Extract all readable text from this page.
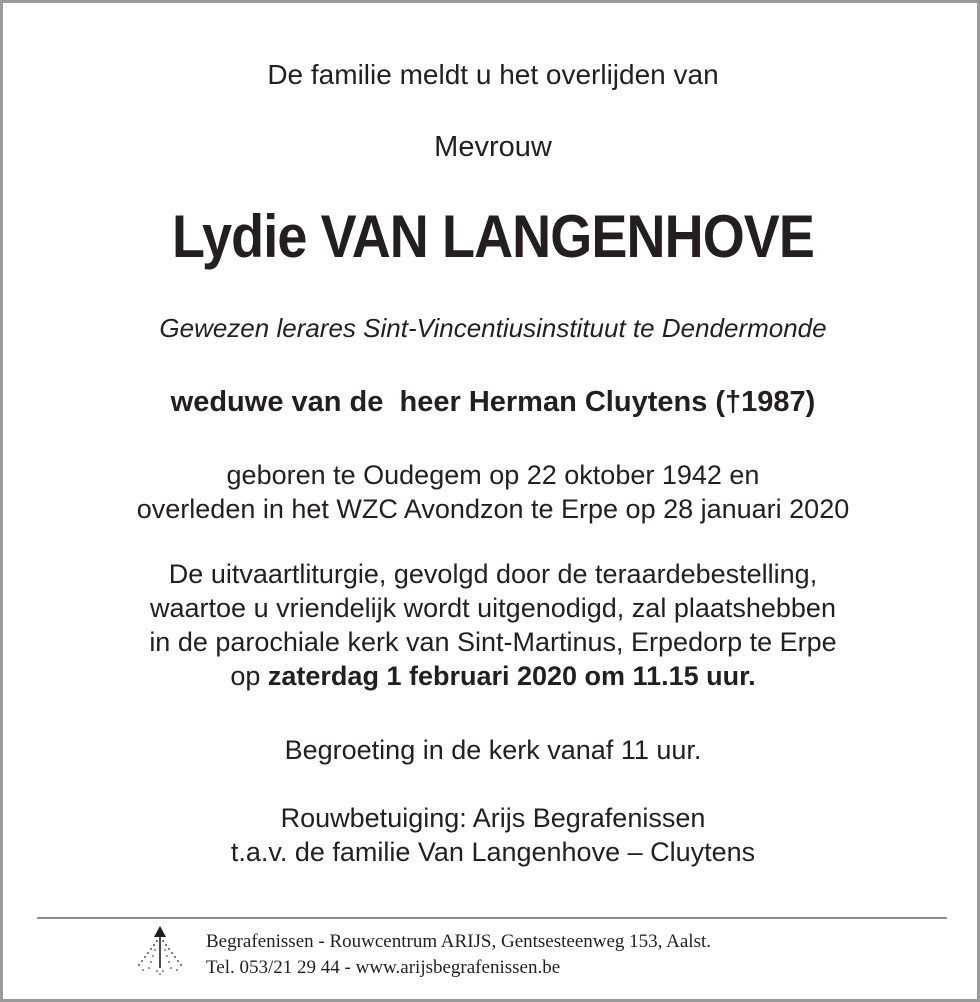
De familie meldt u het overlijden van
Mevrouw
Lydie VAN LANGENHOVE
Gewezen lerares Sint-Vincentiusinstituut te Dendermonde
weduwe van de  heer Herman Cluytens (†1987)
geboren te Oudegem op 22 oktober 1942 en
overleden in het WZC Avondzon te Erpe op 28 januari 2020
De uitvaartliturgie, gevolgd door de teraardebestelling,
waartoe u vriendelijk wordt uitgenodigd, zal plaatshebben
in de parochiale kerk van Sint-Martinus, Erpedorp te Erpe
op zaterdag 1 februari 2020 om 11.15 uur.
Begroeting in de kerk vanaf 11 uur.
Rouwbetuiging: Arijs Begrafenissen
t.a.v. de familie Van Langenhove – Cluytens
Begrafenissen - Rouwcentrum ARIJS, Gentsesteenweg 153, Aalst.
Tel. 053/21 29 44 - www.arijsbegrafenissen.be
